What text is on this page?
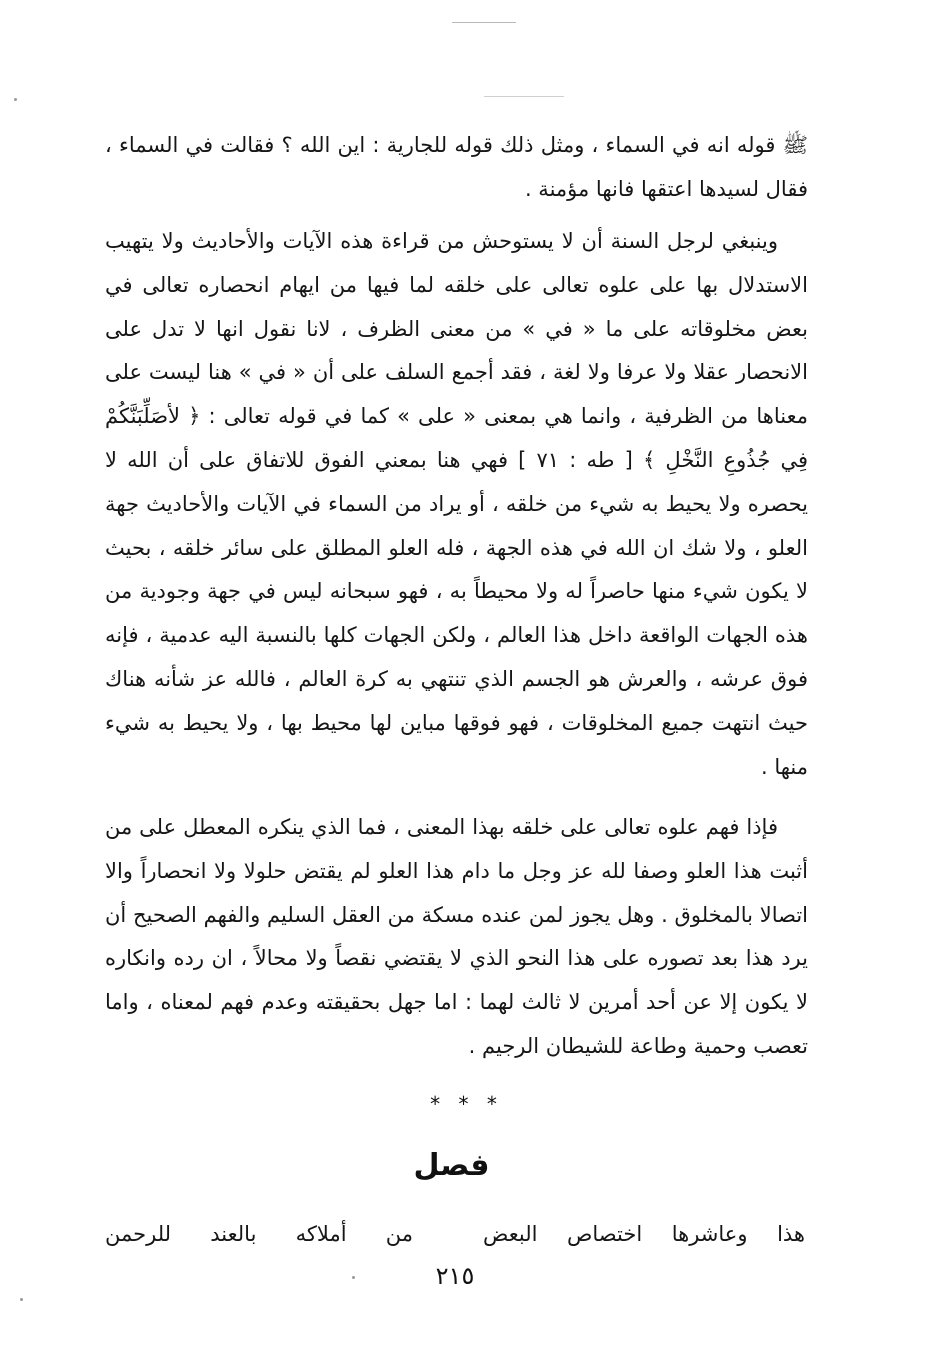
ﷺ قوله انه في السماء ، ومثل ذلك قوله للجارية : اين الله ؟ فقالت في السماء ، فقال لسيدها اعتقها فانها مؤمنة .

وينبغي لرجل السنة أن لا يستوحش من قراءة هذه الآيات والأحاديث ولا يتهيب الاستدلال بها على علوه تعالى على خلقه لما فيها من ايهام انحصاره تعالى في بعض مخلوقاته على ما « في » من معنى الظرف ، لانا نقول انها لا تدل على الانحصار عقلا ولا عرفا ولا لغة ، فقد أجمع السلف على أن « في » هنا ليست على معناها من الظرفية ، وانما هي بمعنى « على » كما في قوله تعالى : ﴿ لأصَلِّبَنَّكُمْ فِي جُذُوعِ النَّخْلِ ﴾ [ طه : ٧١ ] فهي هنا بمعني الفوق للاتفاق على أن الله لا يحصره ولا يحيط به شيء من خلقه ، أو يراد من السماء في الآيات والأحاديث جهة العلو ، ولا شك ان الله في هذه الجهة ، فله العلو المطلق على سائر خلقه ، بحيث لا يكون شيء منها حاصراً له ولا محيطاً به ، فهو سبحانه ليس في جهة وجودية من هذه الجهات الواقعة داخل هذا العالم ، ولكن الجهات كلها بالنسبة اليه عدمية ، فإنه فوق عرشه ، والعرش هو الجسم الذي تنتهي به كرة العالم ، فالله عز شأنه هناك حيث انتهت جميع المخلوقات ، فهو فوقها مباين لها محيط بها ، ولا يحيط به شيء منها .

فإذا فهم علوه تعالى على خلقه بهذا المعنى ، فما الذي ينكره المعطل على من أثبت هذا العلو وصفا لله عز وجل ما دام هذا العلو لم يقتض حلولا ولا انحصاراً والا اتصالا بالمخلوق . وهل يجوز لمن عنده مسكة من العقل السليم والفهم الصحيح أن يرد هذا بعد تصوره على هذا النحو الذي لا يقتضي نقصاً ولا محالاً ، ان رده وانكاره لا يكون إلا عن أحد أمرين لا ثالث لهما : اما جهل بحقيقته وعدم فهم لمعناه ، واما تعصب وحمية وطاعة للشيطان الرجيم .

* * *
فصل
هذا وعاشرها اختصاص البعض
من أملاكه بالعند للرحمن
٢١٥
